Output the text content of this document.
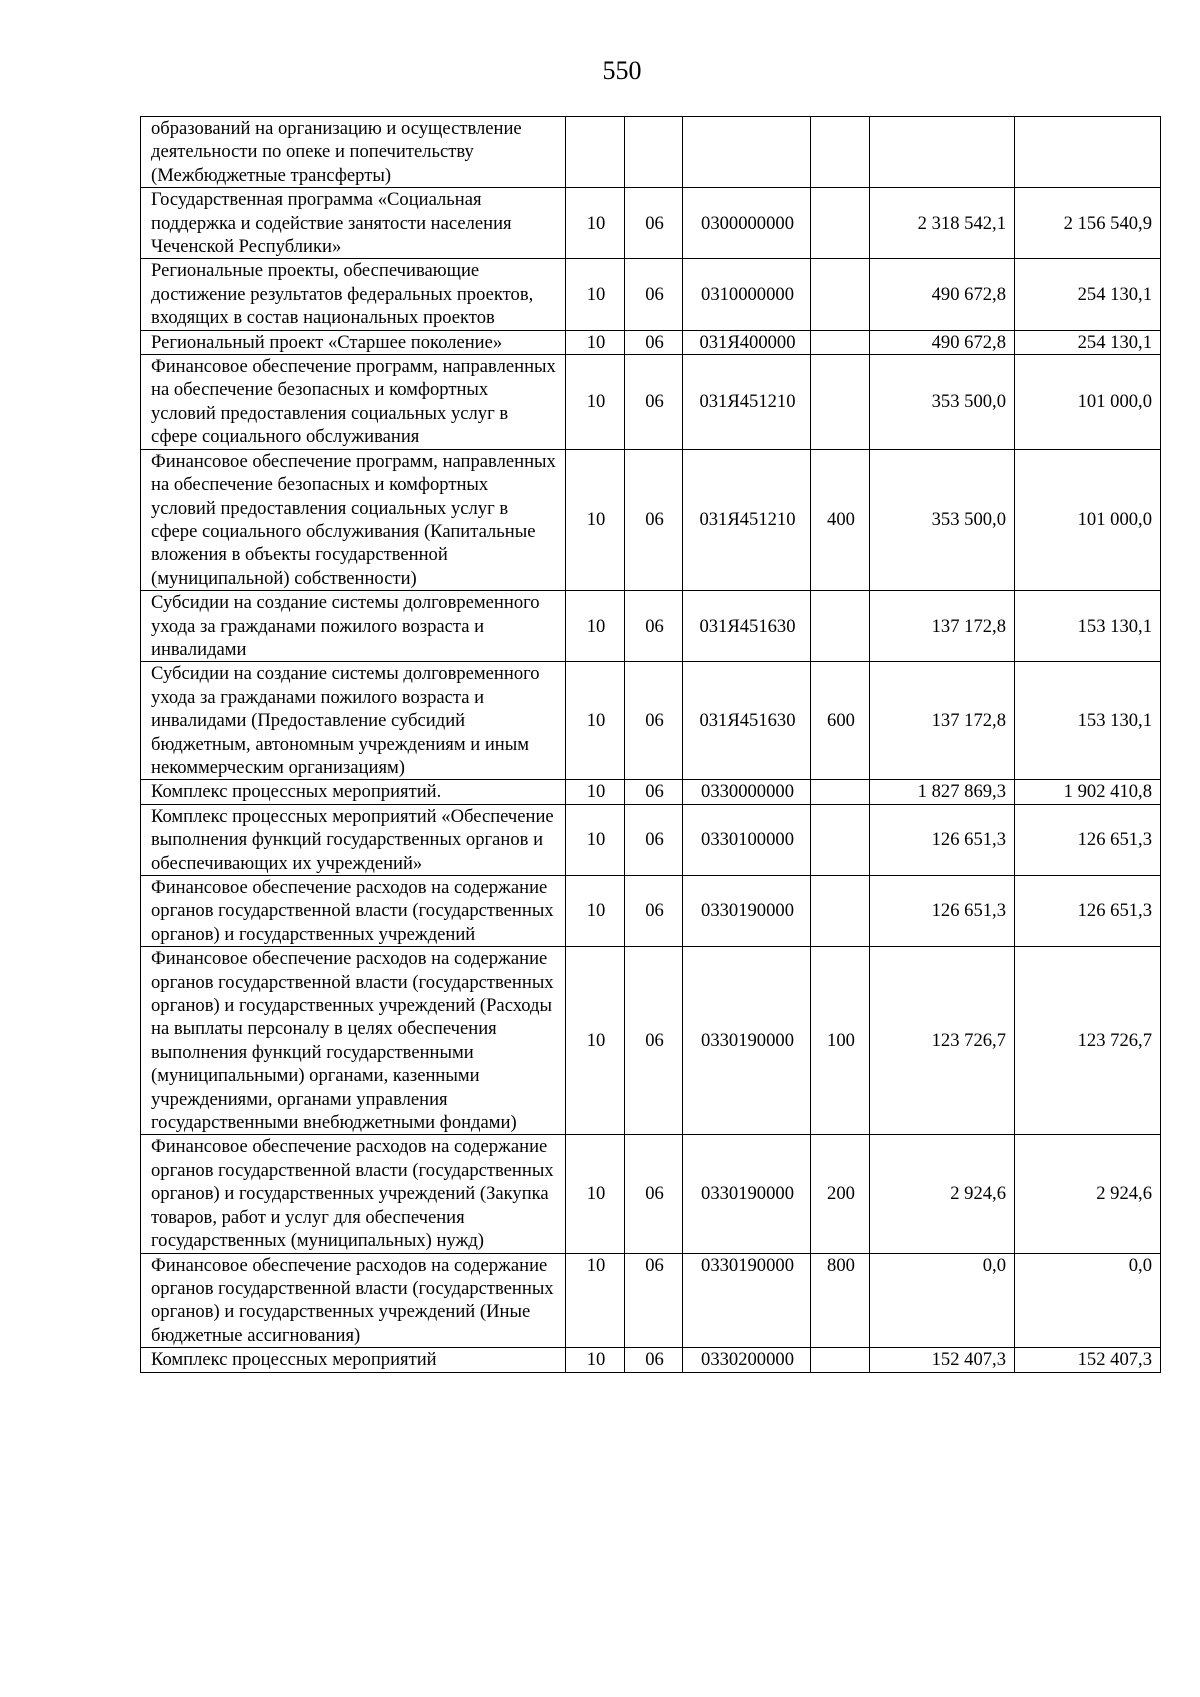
550
образований на организацию и осуществление деятельности по опеке и попечительству (Межбюджетные трансферты)						
Государственная программа «Социальная поддержка и содействие занятости населения Чеченской Республики»	10	06	0300000000		2 318 542,1	2 156 540,9
Региональные проекты, обеспечивающие достижение результатов федеральных проектов, входящих в состав национальных проектов	10	06	0310000000		490 672,8	254 130,1
Региональный проект «Старшее поколение»	10	06	031Я400000		490 672,8	254 130,1
Финансовое обеспечение программ, направленных на обеспечение безопасных и комфортных условий предоставления социальных услуг в сфере социального обслуживания	10	06	031Я451210		353 500,0	101 000,0
Финансовое обеспечение программ, направленных на обеспечение безопасных и комфортных условий предоставления социальных услуг в сфере социального обслуживания (Капитальные вложения в объекты государственной (муниципальной) собственности)	10	06	031Я451210	400	353 500,0	101 000,0
Субсидии на создание системы долговременного ухода за гражданами пожилого возраста и инвалидами	10	06	031Я451630		137 172,8	153 130,1
Субсидии на создание системы долговременного ухода за гражданами пожилого возраста и инвалидами (Предоставление субсидий бюджетным, автономным учреждениям и иным некоммерческим организациям)	10	06	031Я451630	600	137 172,8	153 130,1
Комплекс процессных мероприятий.	10	06	0330000000		1 827 869,3	1 902 410,8
Комплекс процессных мероприятий «Обеспечение выполнения функций государственных органов и обеспечивающих их учреждений»	10	06	0330100000		126 651,3	126 651,3
Финансовое обеспечение расходов на содержание органов государственной власти (государственных органов) и государственных учреждений	10	06	0330190000		126 651,3	126 651,3
Финансовое обеспечение расходов на содержание органов государственной власти (государственных органов) и государственных учреждений (Расходы на выплаты персоналу в целях обеспечения выполнения функций государственными (муниципальными) органами, казенными учреждениями, органами управления государственными внебюджетными фондами)	10	06	0330190000	100	123 726,7	123 726,7
Финансовое обеспечение расходов на содержание органов государственной власти (государственных органов) и государственных учреждений (Закупка товаров, работ и услуг для обеспечения государственных (муниципальных) нужд)	10	06	0330190000	200	2 924,6	2 924,6
Финансовое обеспечение расходов на содержание органов государственной власти (государственных органов) и государственных учреждений (Иные бюджетные ассигнования)	10	06	0330190000	800	0,0	0,0
Комплекс процессных мероприятий	10	06	0330200000		152 407,3	152 407,3
